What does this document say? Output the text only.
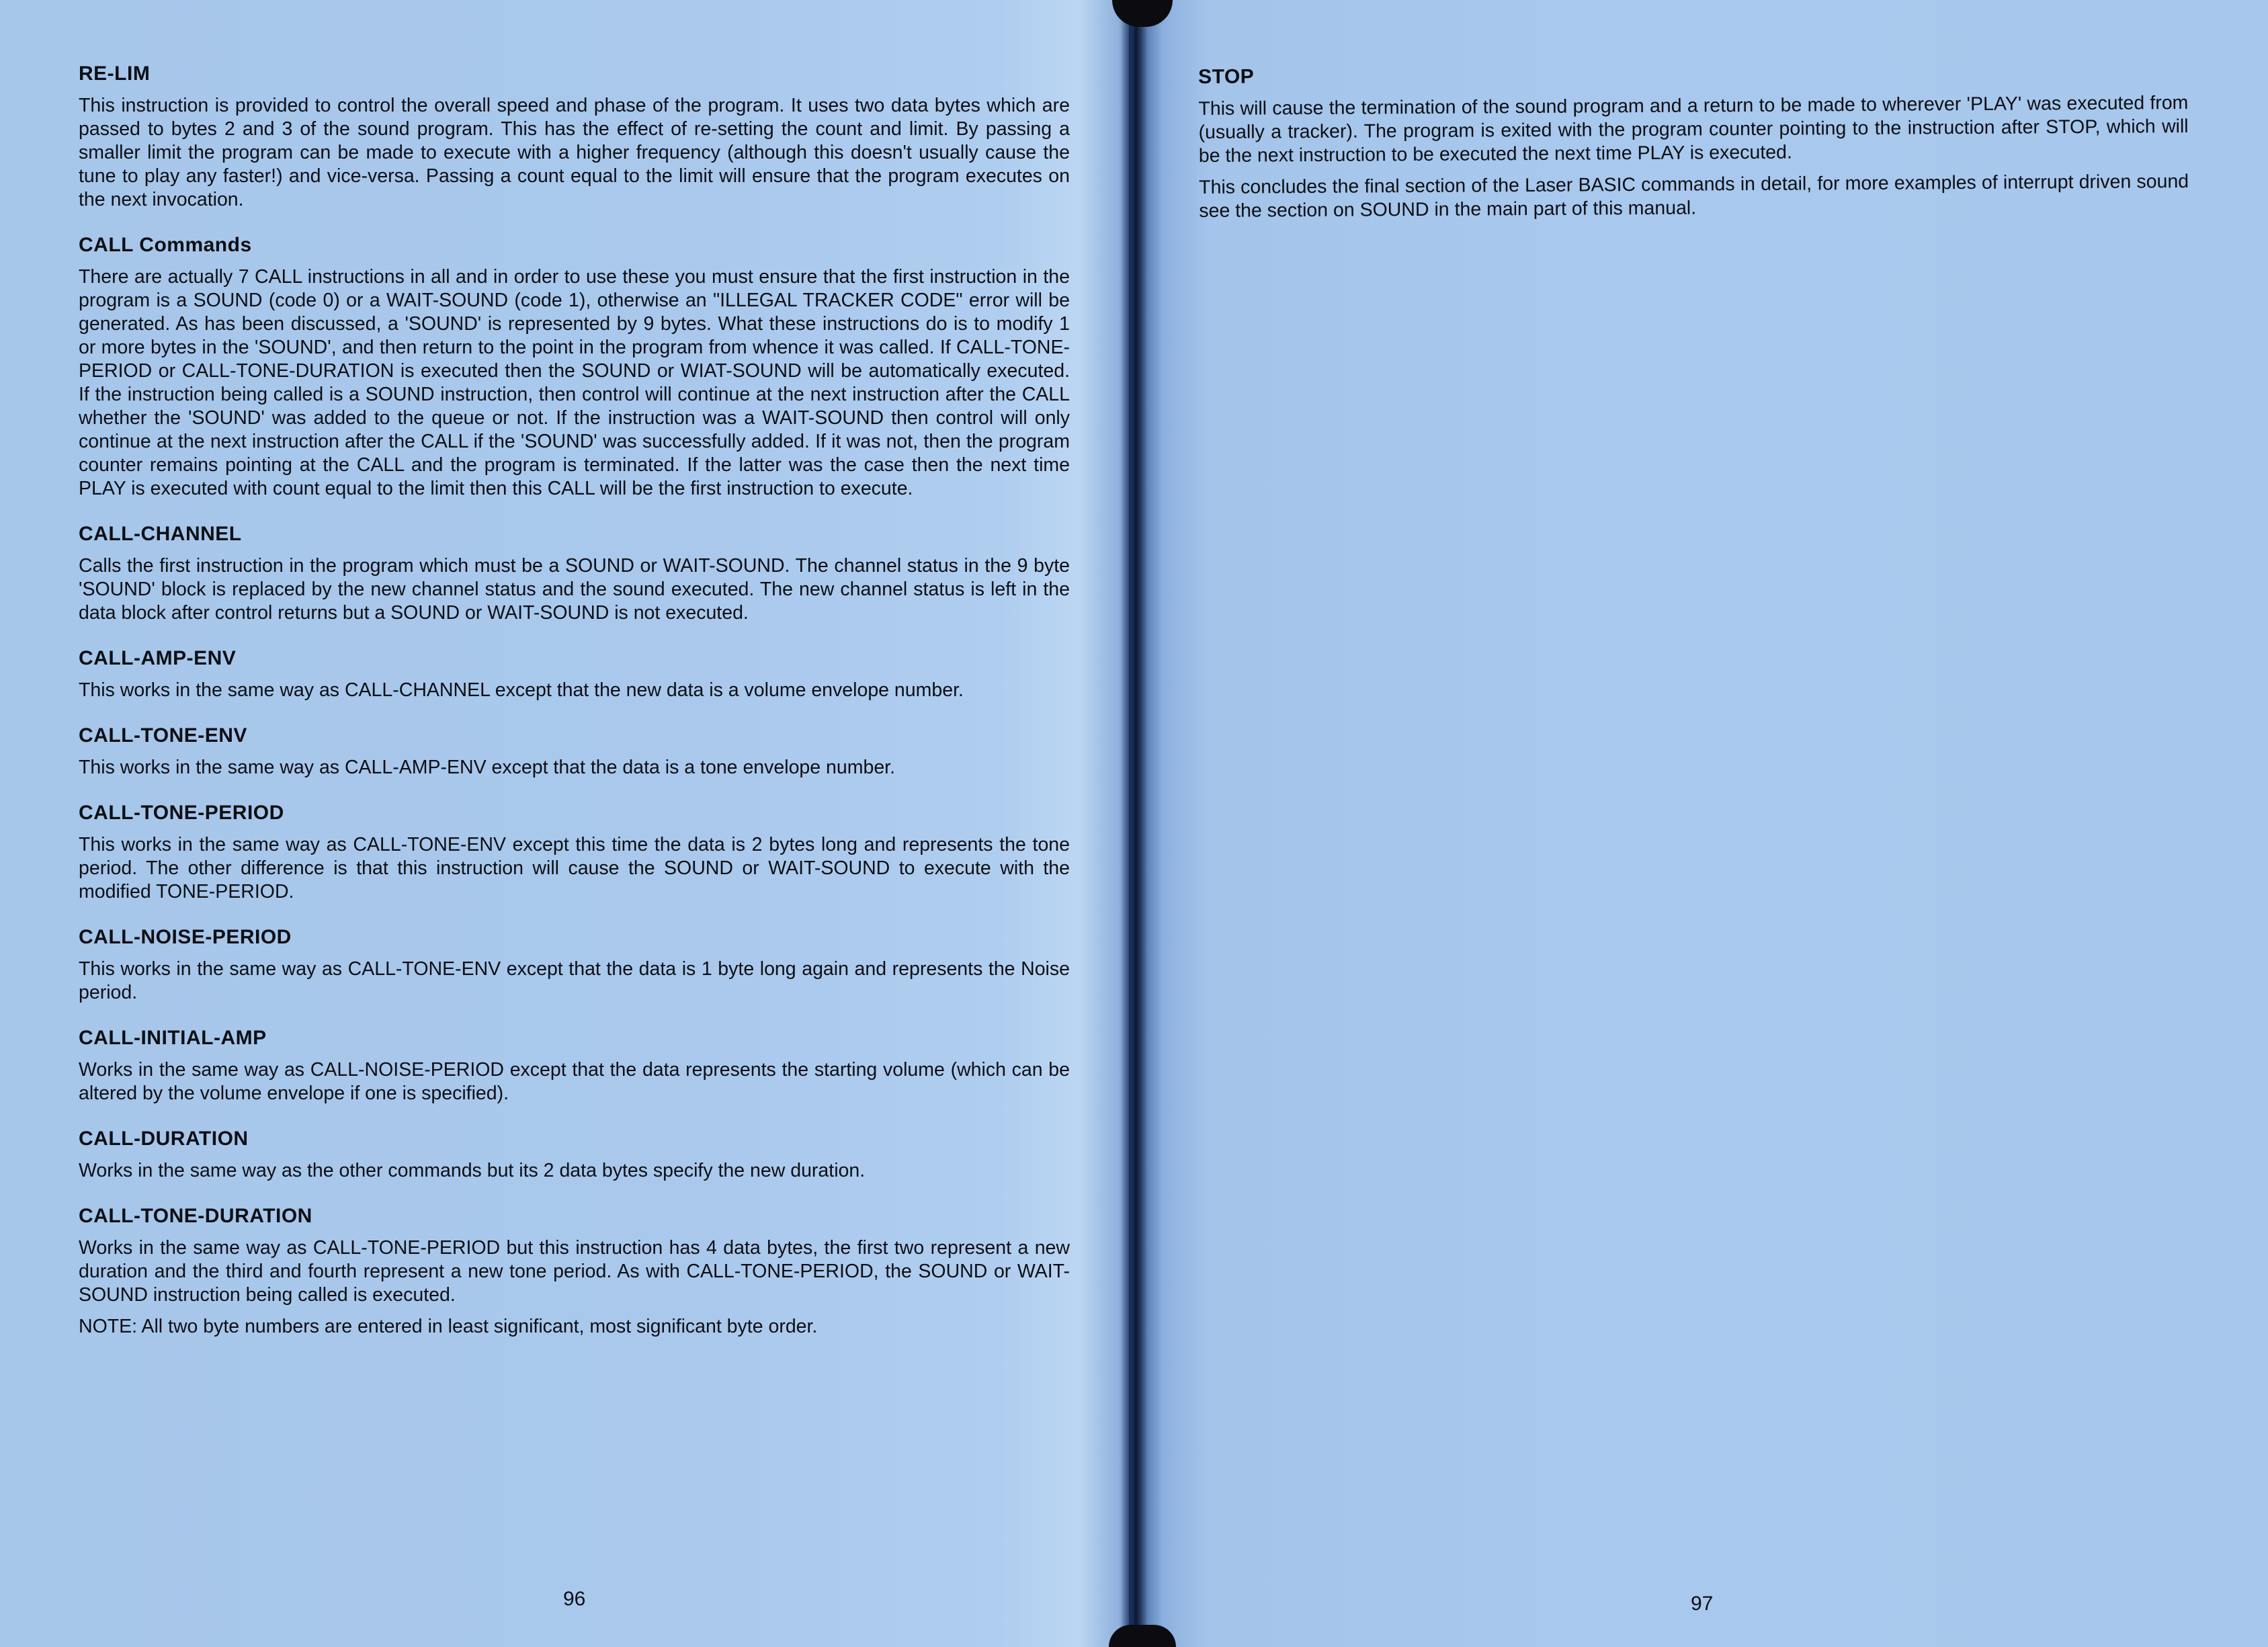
RE-LIM

This instruction is provided to control the overall speed and phase of the program. It uses two data bytes which are passed to bytes 2 and 3 of the sound program. This has the effect of re-setting the count and limit. By passing a smaller limit the program can be made to execute with a higher frequency (although this doesn't usually cause the tune to play any faster!) and vice-versa. Passing a count equal to the limit will ensure that the program executes on the next invocation.

CALL Commands

There are actually 7 CALL instructions in all and in order to use these you must ensure that the first instruction in the program is a SOUND (code 0) or a WAIT-SOUND (code 1), otherwise an "ILLEGAL TRACKER CODE" error will be generated. As has been discussed, a 'SOUND' is represented by 9 bytes. What these instructions do is to modify 1 or more bytes in the 'SOUND', and then return to the point in the program from whence it was called. If CALL-TONE-PERIOD or CALL-TONE-DURATION is executed then the SOUND or WIAT-SOUND will be automatically executed. If the instruction being called is a SOUND instruction, then control will continue at the next instruction after the CALL whether the 'SOUND' was added to the queue or not. If the instruction was a WAIT-SOUND then control will only continue at the next instruction after the CALL if the 'SOUND' was successfully added. If it was not, then the program counter remains pointing at the CALL and the program is terminated. If the latter was the case then the next time PLAY is executed with count equal to the limit then this CALL will be the first instruction to execute.

CALL-CHANNEL

Calls the first instruction in the program which must be a SOUND or WAIT-SOUND. The channel status in the 9 byte 'SOUND' block is replaced by the new channel status and the sound executed. The new channel status is left in the data block after control returns but a SOUND or WAIT-SOUND is not executed.

CALL-AMP-ENV

This works in the same way as CALL-CHANNEL except that the new data is a volume envelope number.

CALL-TONE-ENV

This works in the same way as CALL-AMP-ENV except that the data is a tone envelope number.

CALL-TONE-PERIOD

This works in the same way as CALL-TONE-ENV except this time the data is 2 bytes long and represents the tone period. The other difference is that this instruction will cause the SOUND or WAIT-SOUND to execute with the modified TONE-PERIOD.

CALL-NOISE-PERIOD

This works in the same way as CALL-TONE-ENV except that the data is 1 byte long again and represents the Noise period.

CALL-INITIAL-AMP

Works in the same way as CALL-NOISE-PERIOD except that the data represents the starting volume (which can be altered by the volume envelope if one is specified).

CALL-DURATION

Works in the same way as the other commands but its 2 data bytes specify the new duration.

CALL-TONE-DURATION

Works in the same way as CALL-TONE-PERIOD but this instruction has 4 data bytes, the first two represent a new duration and the third and fourth represent a new tone period. As with CALL-TONE-PERIOD, the SOUND or WAIT-SOUND instruction being called is executed.

NOTE: All two byte numbers are entered in least significant, most significant byte order.

96
STOP

This will cause the termination of the sound program and a return to be made to wherever 'PLAY' was executed from (usually a tracker). The program is exited with the program counter pointing to the instruction after STOP, which will be the next instruction to be executed the next time PLAY is executed.

This concludes the final section of the Laser BASIC commands in detail, for more examples of interrupt driven sound see the section on SOUND in the main part of this manual.

97
